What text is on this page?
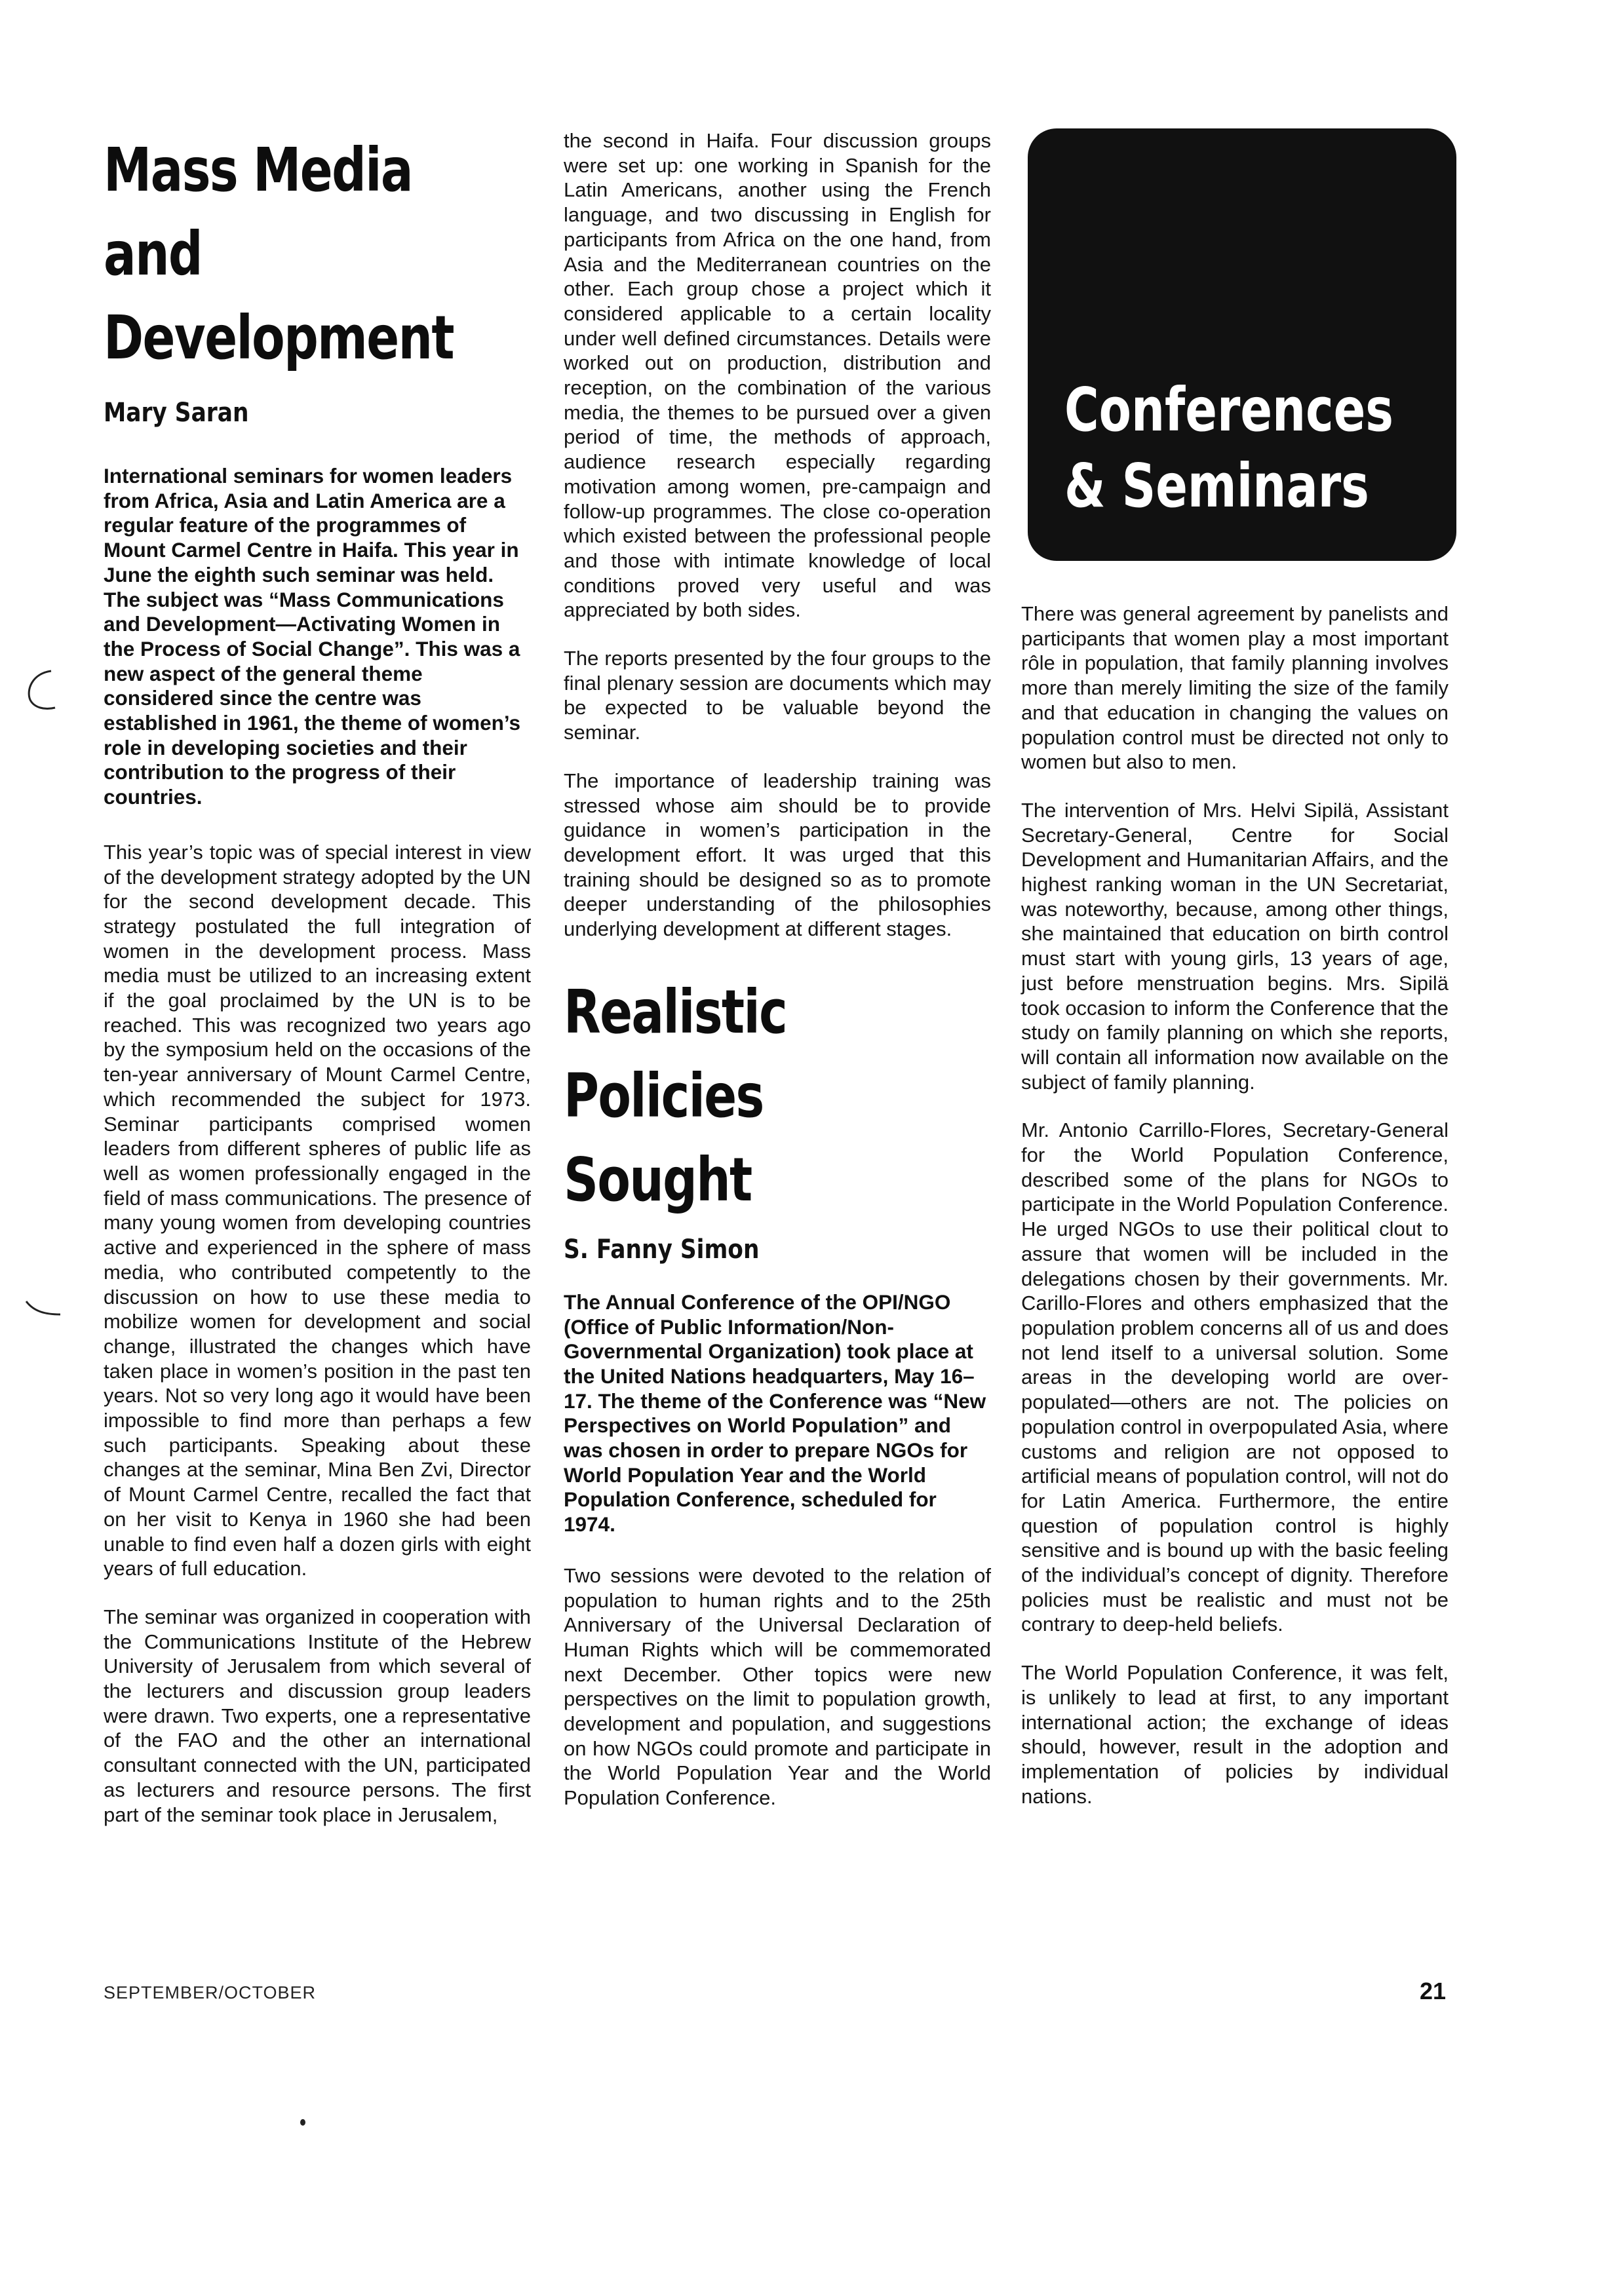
Mass Media
and
Development
Mary Saran

International seminars for women leaders from Africa, Asia and Latin America are a regular feature of the programmes of Mount Carmel Centre in Haifa. This year in June the eighth such seminar was held. The subject was “Mass Communications and Development—Activating Women in the Process of Social Change”. This was a new aspect of the general theme considered since the centre was established in 1961, the theme of women’s role in developing societies and their contribution to the progress of their countries.

This year’s topic was of special interest in view of the development strategy adopted by the UN for the second development decade. This strategy postulated the full integration of women in the development process. Mass media must be utilized to an increasing extent if the goal proclaimed by the UN is to be reached. This was recognized two years ago by the symposium held on the occasions of the ten-year anniversary of Mount Carmel Centre, which recommended the subject for 1973. Seminar participants comprised women leaders from different spheres of public life as well as women professionally engaged in the field of mass communications. The presence of many young women from developing countries active and experienced in the sphere of mass media, who contributed competently to the discussion on how to use these media to mobilize women for development and social change, illustrated the changes which have taken place in women’s position in the past ten years. Not so very long ago it would have been impossible to find more than perhaps a few such participants. Speaking about these changes at the seminar, Mina Ben Zvi, Director of Mount Carmel Centre, recalled the fact that on her visit to Kenya in 1960 she had been unable to find even half a dozen girls with eight years of full education.

The seminar was organized in cooperation with the Communications Institute of the Hebrew University of Jerusalem from which several of the lecturers and discussion group leaders were drawn. Two experts, one a representative of the FAO and the other an international consultant connected with the UN, participated as lecturers and resource persons. The first part of the seminar took place in Jerusalem,

the second in Haifa. Four discussion groups were set up: one working in Spanish for the Latin Americans, another using the French language, and two discussing in English for participants from Africa on the one hand, from Asia and the Mediterranean countries on the other. Each group chose a project which it considered applicable to a certain locality under well defined circumstances. Details were worked out on production, distribution and reception, on the combination of the various media, the themes to be pursued over a given period of time, the methods of approach, audience research especially regarding motivation among women, pre-campaign and follow-up programmes. The close co-operation which existed between the professional people and those with intimate knowledge of local conditions proved very useful and was appreciated by both sides.

The reports presented by the four groups to the final plenary session are documents which may be expected to be valuable beyond the seminar.

The importance of leadership training was stressed whose aim should be to provide guidance in women’s participation in the development effort. It was urged that this training should be designed so as to promote deeper understanding of the philosophies underlying development at different stages.

Realistic
Policies
Sought
S. Fanny Simon

The Annual Conference of the OPI/NGO (Office of Public Information/Non-Governmental Organization) took place at the United Nations headquarters, May 16–17. The theme of the Conference was “New Perspectives on World Population” and was chosen in order to prepare NGOs for World Population Year and the World Population Conference, scheduled for 1974.

Two sessions were devoted to the relation of population to human rights and to the 25th Anniversary of the Universal Declaration of Human Rights which will be commemorated next December. Other topics were new perspectives on the limit to population growth, development and population, and suggestions on how NGOs could promote and participate in the World Population Year and the World Population Conference.

Conferences
& Seminars

There was general agreement by panelists and participants that women play a most important rôle in population, that family planning involves more than merely limiting the size of the family and that education in changing the values on population control must be directed not only to women but also to men.

The intervention of Mrs. Helvi Sipilä, Assistant Secretary-General, Centre for Social Development and Humanitarian Affairs, and the highest ranking woman in the UN Secretariat, was noteworthy, because, among other things, she maintained that education on birth control must start with young girls, 13 years of age, just before menstruation begins. Mrs. Sipilä took occasion to inform the Conference that the study on family planning on which she reports, will contain all information now available on the subject of family planning.

Mr. Antonio Carrillo-Flores, Secretary-General for the World Population Conference, described some of the plans for NGOs to participate in the World Population Conference. He urged NGOs to use their political clout to assure that women will be included in the delegations chosen by their governments. Mr. Carillo-Flores and others emphasized that the population problem concerns all of us and does not lend itself to a universal solution. Some areas in the developing world are over-populated—others are not. The policies on population control in overpopulated Asia, where customs and religion are not opposed to artificial means of population control, will not do for Latin America. Furthermore, the entire question of population control is highly sensitive and is bound up with the basic feeling of the individual’s concept of dignity. Therefore policies must be realistic and must not be contrary to deep-held beliefs.

The World Population Conference, it was felt, is unlikely to lead at first, to any important international action; the exchange of ideas should, however, result in the adoption and implementation of policies by individual nations.

SEPTEMBER/OCTOBER	21
